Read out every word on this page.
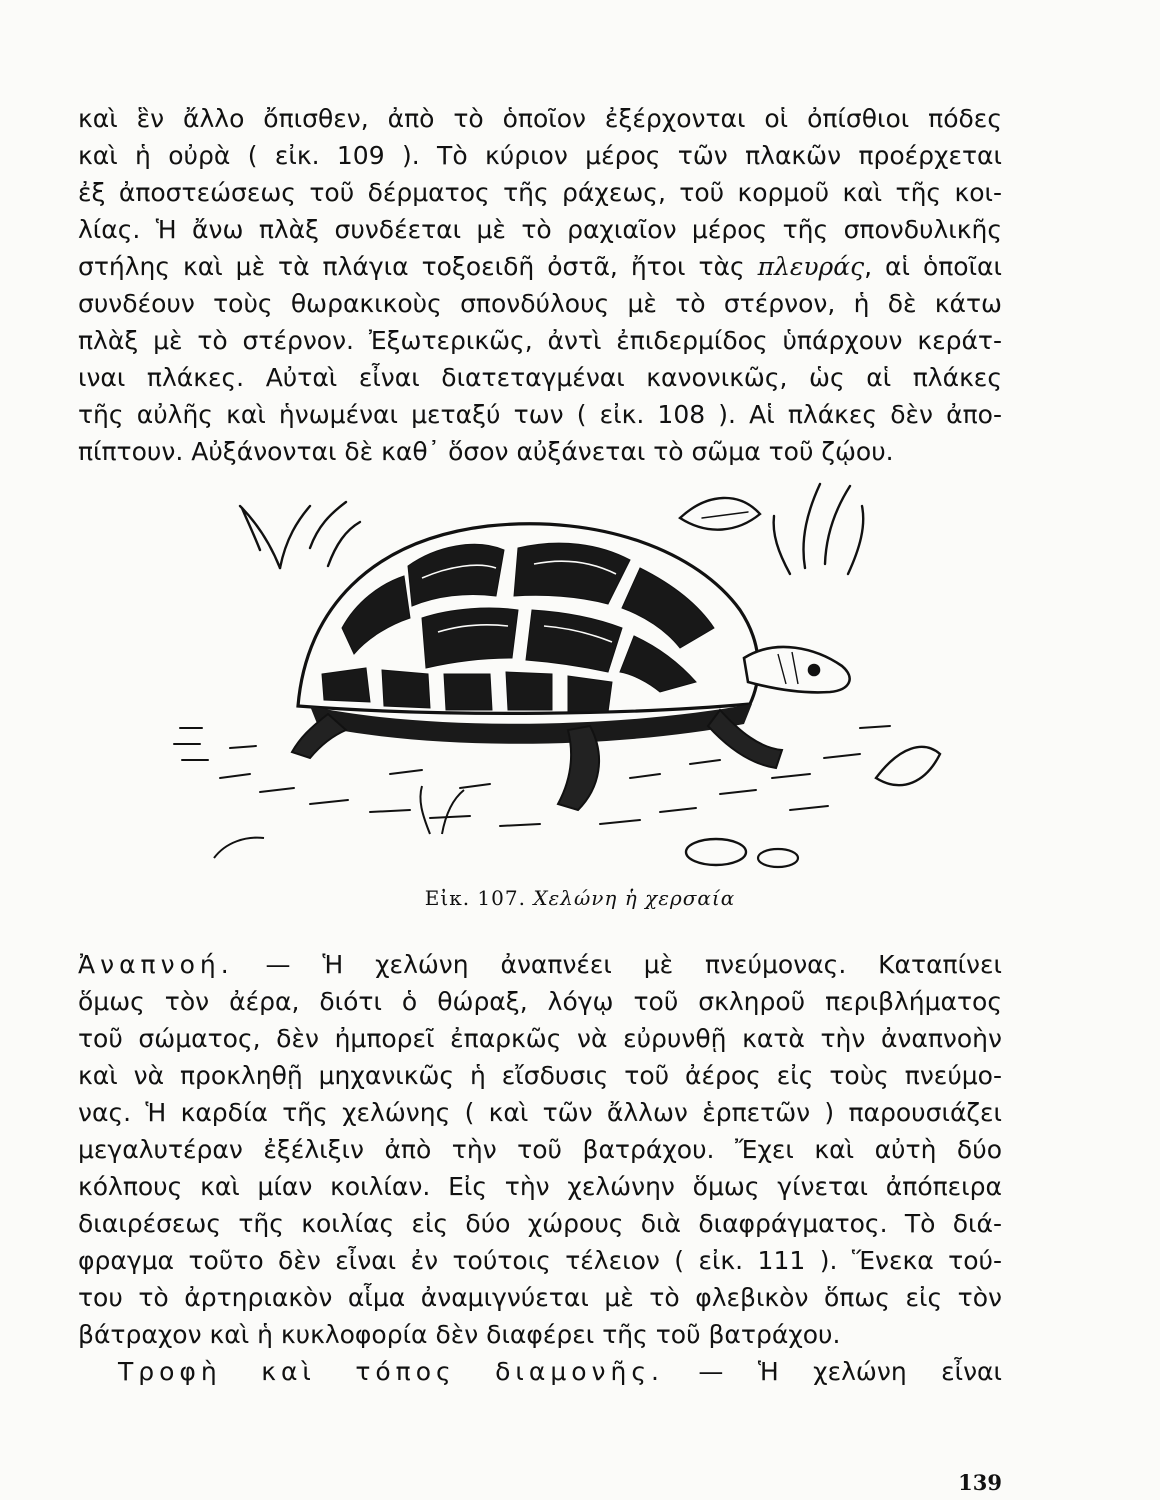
καὶ ἓν ἄλλο ὄπισθεν, ἀπὸ τὸ ὁποῖον ἐξέρχονται οἱ ὀπίσθιοι πόδες
καὶ ἡ οὐρὰ ( εἰκ. 109 ). Τὸ κύριον μέρος τῶν πλακῶν προέρχεται
ἐξ ἀποστεώσεως τοῦ δέρματος τῆς ράχεως, τοῦ κορμοῦ καὶ τῆς κοι-
λίας. Ἡ ἄνω πλὰξ συνδέεται μὲ τὸ ραχιαῖον μέρος τῆς σπονδυλικῆς
στήλης καὶ μὲ τὰ πλάγια τοξοειδῆ ὀστᾶ, ἤτοι τὰς πλευράς, αἱ ὁποῖαι
συνδέουν τοὺς θωρακικοὺς σπονδύλους μὲ τὸ στέρνον, ἡ δὲ κάτω
πλὰξ μὲ τὸ στέρνον. Ἐξωτερικῶς, ἀντὶ ἐπιδερμίδος ὑπάρχουν κεράτ-
ιναι πλάκες. Αὐταὶ εἶναι διατεταγμέναι κανονικῶς, ὡς αἱ πλάκες
τῆς αὐλῆς καὶ ἡνωμέναι μεταξύ των ( εἰκ. 108 ). Αἱ πλάκες δὲν ἀπο-
πίπτουν. Αὐξάνονται δὲ καθ᾽ ὅσον αὐξάνεται τὸ σῶμα τοῦ ζῴου.
Εἰκ. 107. Χελώνη ἡ χερσαία
Ἀναπνοή. — Ἡ χελώνη ἀναπνέει μὲ πνεύμονας. Καταπίνει
ὅμως τὸν ἀέρα, διότι ὁ θώραξ, λόγῳ τοῦ σκληροῦ περιβλήματος
τοῦ σώματος, δὲν ἠμπορεῖ ἐπαρκῶς νὰ εὐρυνθῇ κατὰ τὴν ἀναπνοὴν
καὶ νὰ προκληθῇ μηχανικῶς ἡ εἴσδυσις τοῦ ἀέρος εἰς τοὺς πνεύμο-
νας. Ἡ καρδία τῆς χελώνης ( καὶ τῶν ἄλλων ἑρπετῶν ) παρουσιάζει
μεγαλυτέραν ἐξέλιξιν ἀπὸ τὴν τοῦ βατράχου. Ἔχει καὶ αὐτὴ δύο
κόλπους καὶ μίαν κοιλίαν. Εἰς τὴν χελώνην ὅμως γίνεται ἀπόπειρα
διαιρέσεως τῆς κοιλίας εἰς δύο χώρους διὰ διαφράγματος. Τὸ διά-
φραγμα τοῦτο δὲν εἶναι ἐν τούτοις τέλειον ( εἰκ. 111 ). Ἕνεκα τού-
του τὸ ἀρτηριακὸν αἷμα ἀναμιγνύεται μὲ τὸ φλεβικὸν ὅπως εἰς τὸν
βάτραχον καὶ ἡ κυκλοφορία δὲν διαφέρει τῆς τοῦ βατράχου.
Τροφὴ καὶ τόπος διαμονῆς. — Ἡ χελώνη εἶναι
139
